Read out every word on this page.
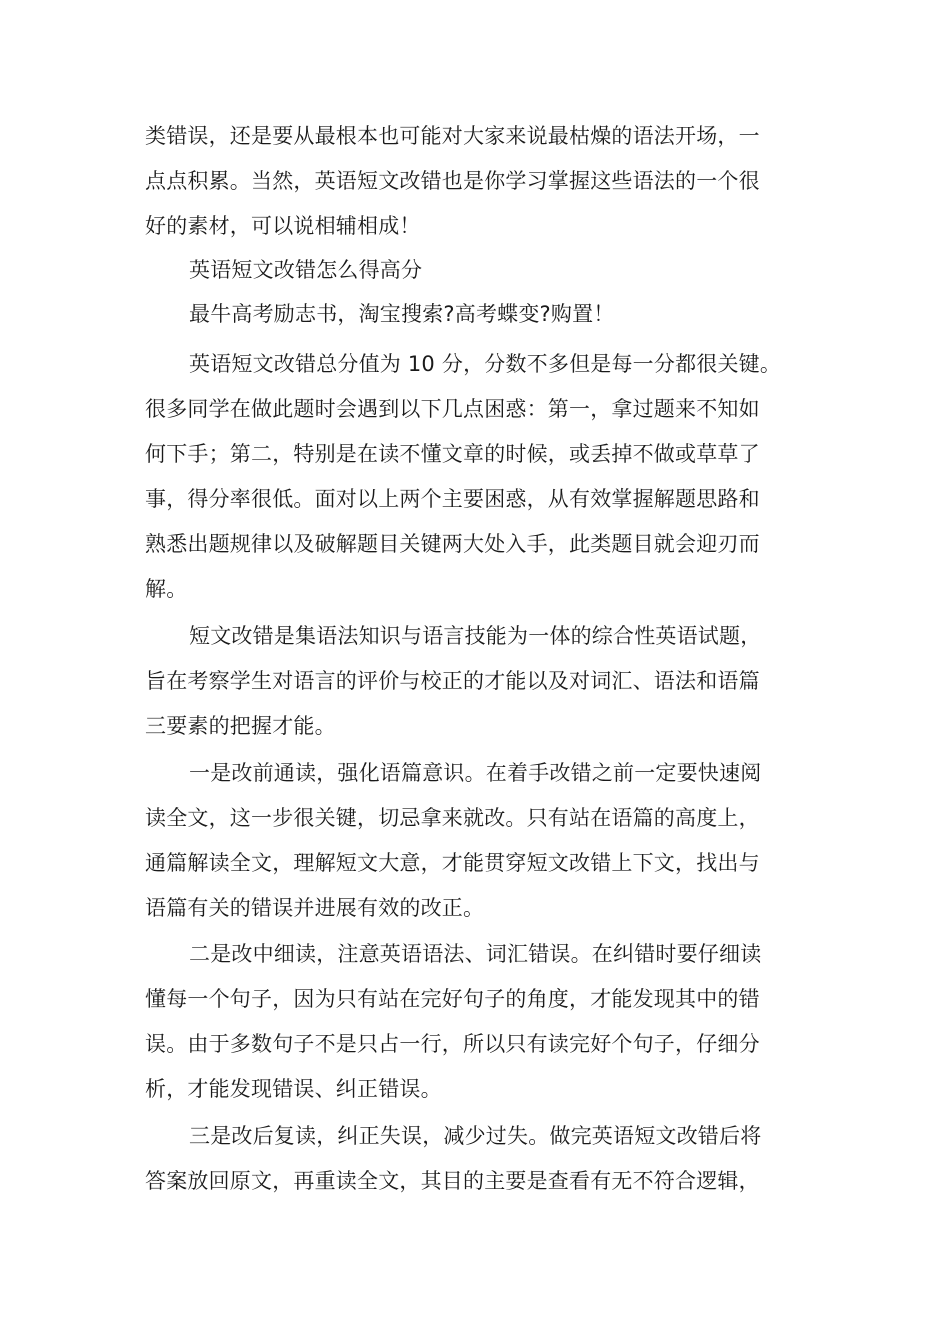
类错误，还是要从最根本也可能对大家来说最枯燥的语法开场，一
点点积累。当然，英语短文改错也是你学习掌握这些语法的一个很
好的素材，可以说相辅相成！
英语短文改错怎么得高分
最牛高考励志书，淘宝搜索?高考蝶变?购置！
英语短文改错总分值为 10 分，分数不多但是每一分都很关键。
很多同学在做此题时会遇到以下几点困惑：第一，拿过题来不知如
何下手；第二，特别是在读不懂文章的时候，或丢掉不做或草草了
事，得分率很低。面对以上两个主要困惑，从有效掌握解题思路和
熟悉出题规律以及破解题目关键两大处入手，此类题目就会迎刃而
解。
短文改错是集语法知识与语言技能为一体的综合性英语试题，
旨在考察学生对语言的评价与校正的才能以及对词汇、语法和语篇
三要素的把握才能。
一是改前通读，强化语篇意识。在着手改错之前一定要快速阅
读全文，这一步很关键，切忌拿来就改。只有站在语篇的高度上，
通篇解读全文，理解短文大意，才能贯穿短文改错上下文，找出与
语篇有关的错误并进展有效的改正。
二是改中细读，注意英语语法、词汇错误。在纠错时要仔细读
懂每一个句子，因为只有站在完好句子的角度，才能发现其中的错
误。由于多数句子不是只占一行，所以只有读完好个句子，仔细分
析，才能发现错误、纠正错误。
三是改后复读，纠正失误，减少过失。做完英语短文改错后将
答案放回原文，再重读全文，其目的主要是查看有无不符合逻辑，
